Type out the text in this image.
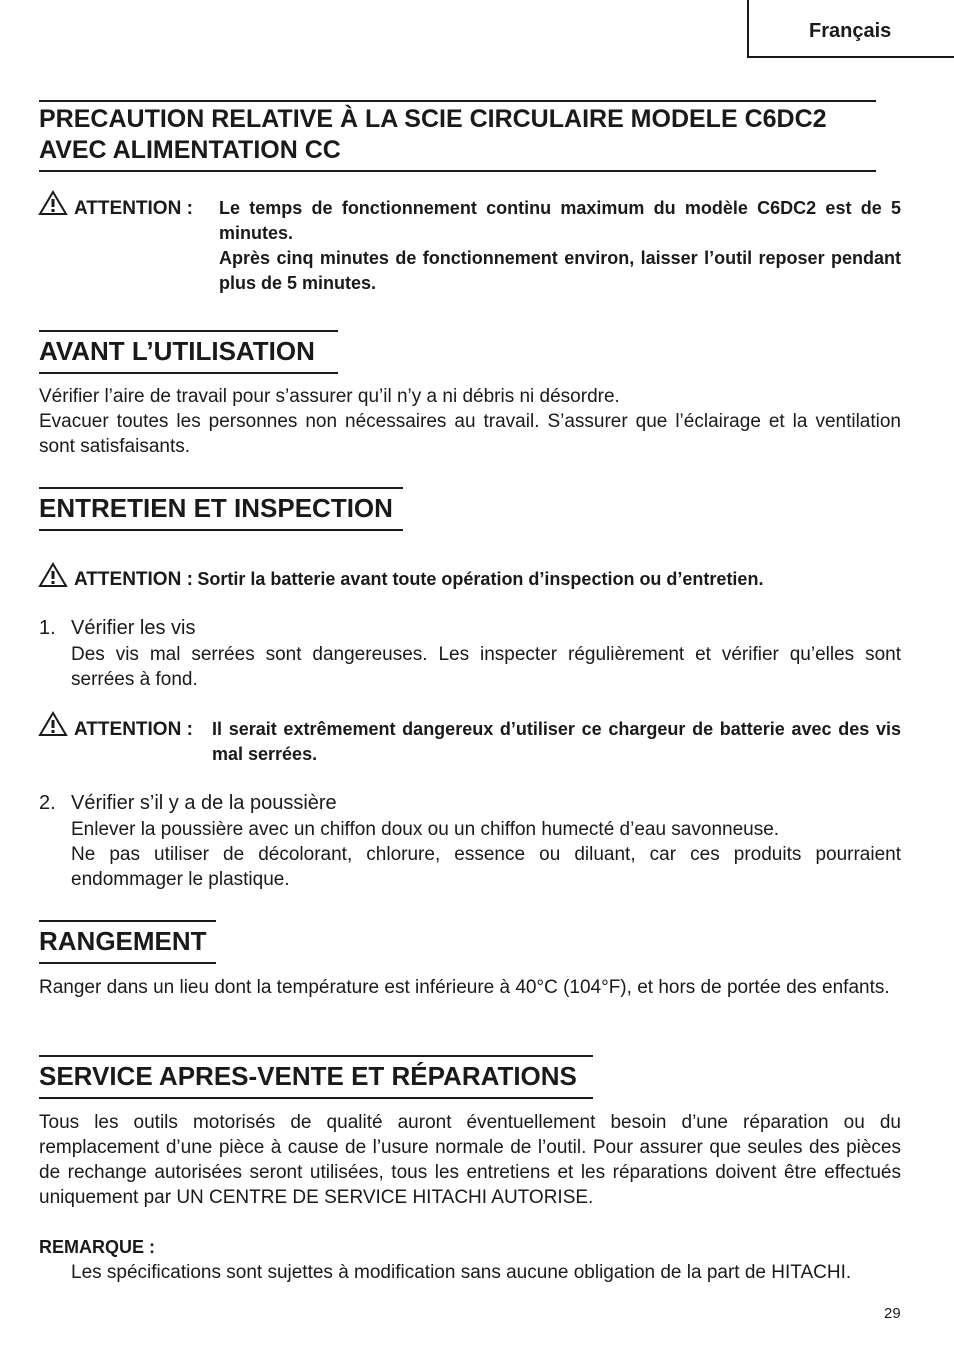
Français
PRECAUTION RELATIVE À LA SCIE CIRCULAIRE MODELE C6DC2 AVEC ALIMENTATION CC
ATTENTION : Le temps de fonctionnement continu maximum du modèle C6DC2 est de 5 minutes.
Après cinq minutes de fonctionnement environ, laisser l’outil reposer pendant plus de 5 minutes.
AVANT L’UTILISATION
Vérifier l’aire de travail pour s’assurer qu’il n’y a ni débris ni désordre.
Evacuer toutes les personnes non nécessaires au travail. S’assurer que l’éclairage et la ventilation sont satisfaisants.
ENTRETIEN ET INSPECTION
ATTENTION : Sortir la batterie avant toute opération d’inspection ou d’entretien.
1. Vérifier les vis
Des vis mal serrées sont dangereuses. Les inspecter régulièrement et vérifier qu’elles sont serrées à fond.
ATTENTION : Il serait extrêmement dangereux d’utiliser ce chargeur de batterie avec des vis mal serrées.
2. Vérifier s’il y a de la poussière
Enlever la poussière avec un chiffon doux ou un chiffon humecté d’eau savonneuse.
Ne pas utiliser de décolorant, chlorure, essence ou diluant, car ces produits pourraient endommager le plastique.
RANGEMENT
Ranger dans un lieu dont la température est inférieure à 40°C (104°F), et hors de portée des enfants.
SERVICE APRES-VENTE ET RÉPARATIONS
Tous les outils motorisés de qualité auront éventuellement besoin d’une réparation ou du remplacement d’une pièce à cause de l’usure normale de l’outil. Pour assurer que seules des pièces de rechange autorisées seront utilisées, tous les entretiens et les réparations doivent être effectués uniquement par UN CENTRE DE SERVICE HITACHI AUTORISE.
REMARQUE :
Les spécifications sont sujettes à modification sans aucune obligation de la part de HITACHI.
29
